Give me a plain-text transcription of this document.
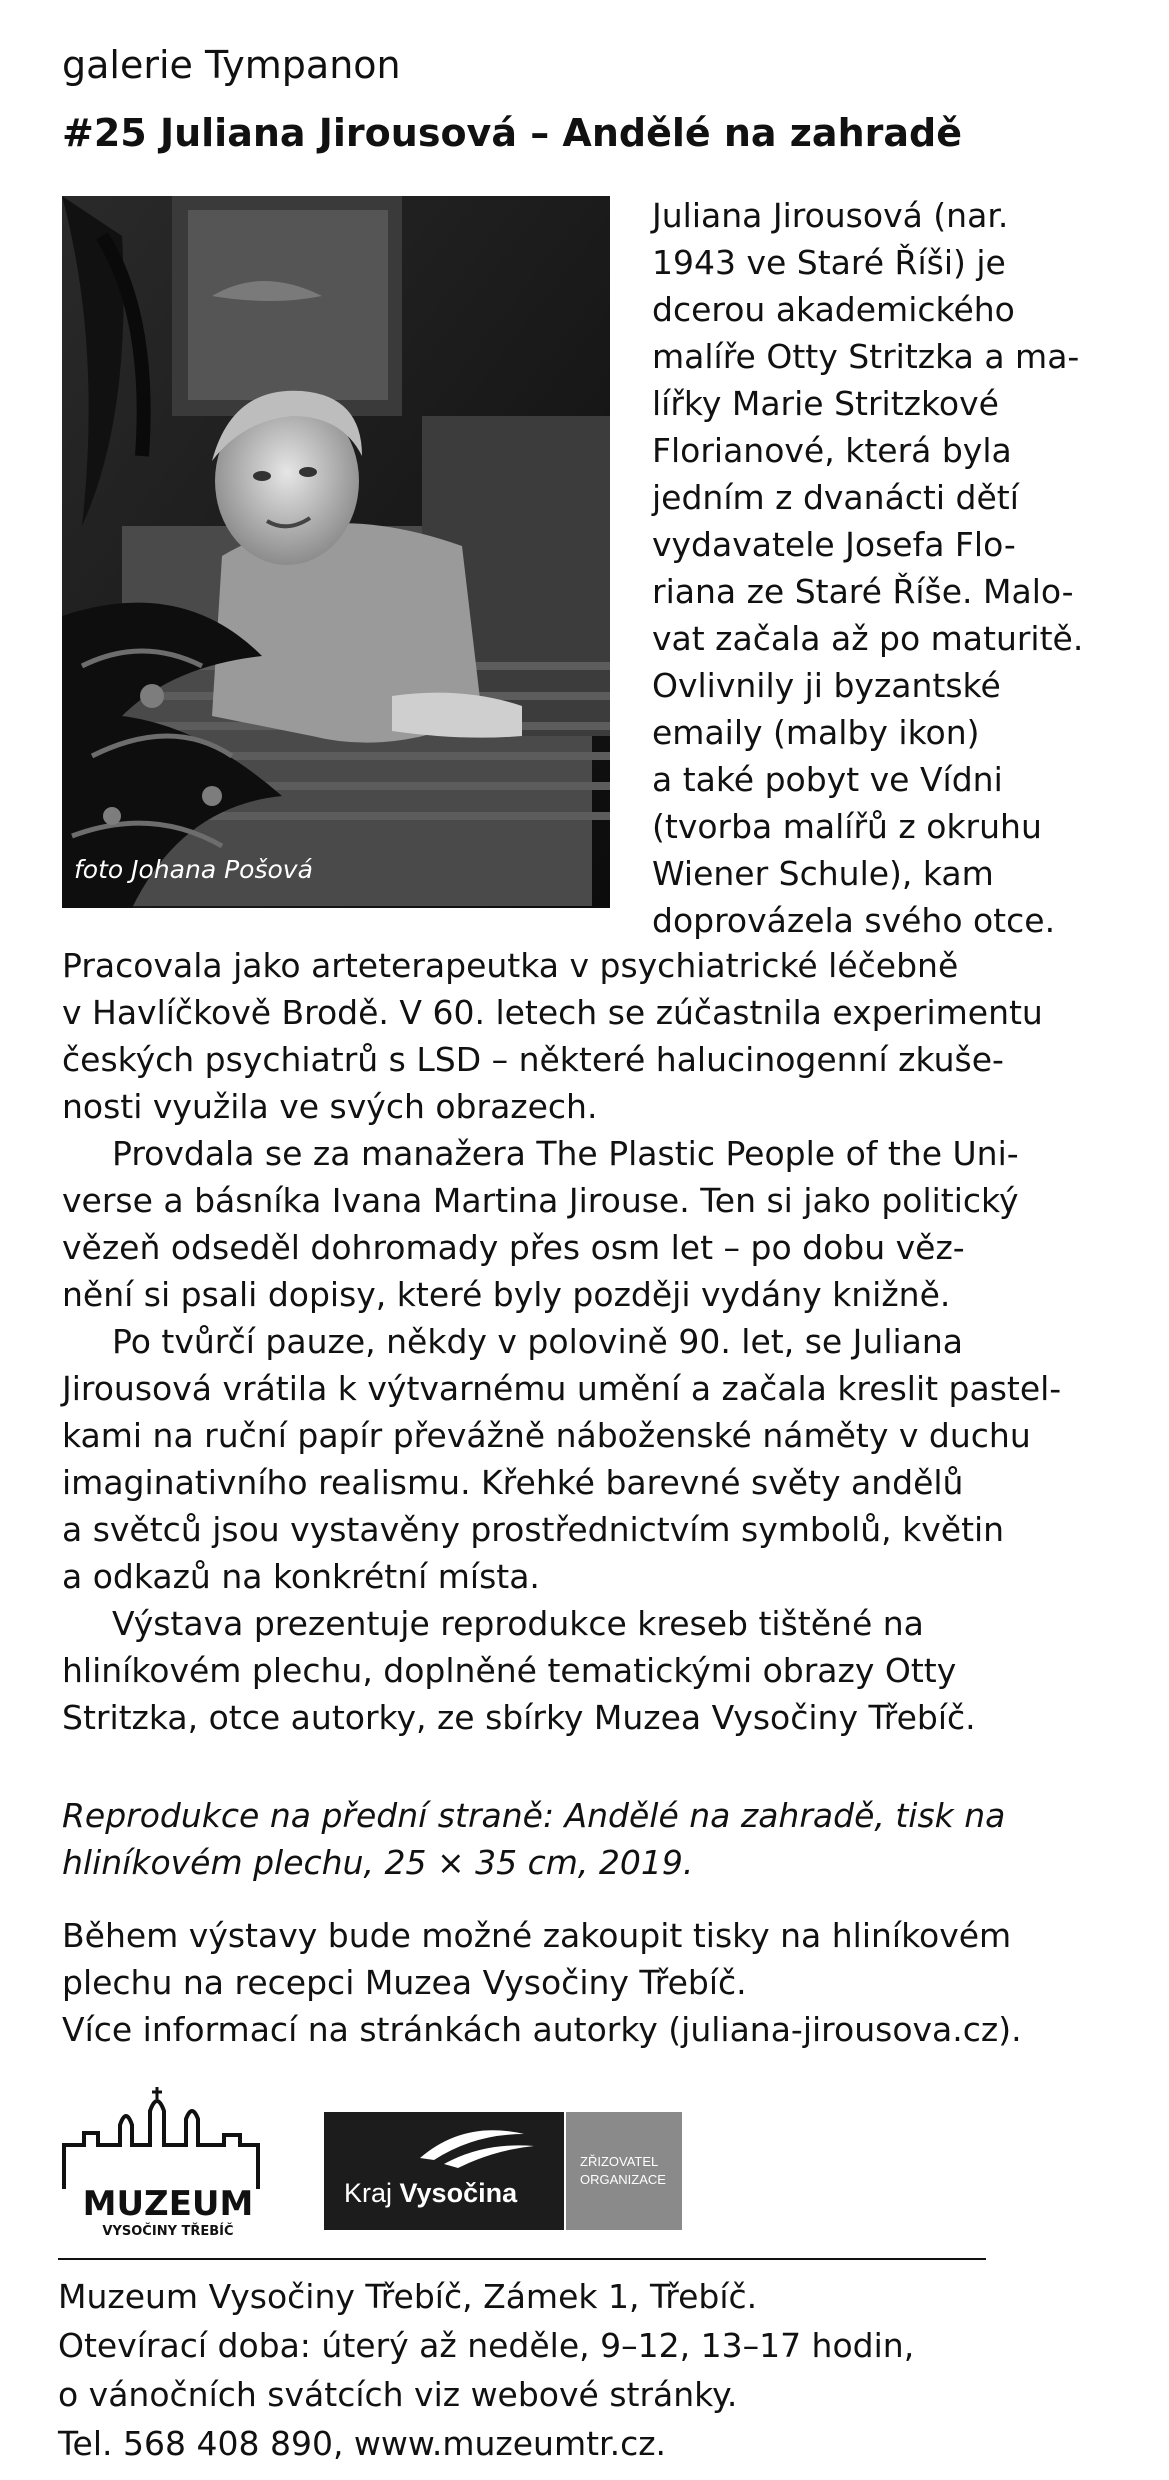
galerie Tympanon
#25 Juliana Jirousová – Andělé na zahradě
foto Johana Pošová
Juliana Jirousová (nar.
1943 ve Staré Říši) je
dcerou akademického
malíře Otty Stritzka a ma-
lířky Marie Stritzkové
Florianové, která byla
jedním z dvanácti dětí
vydavatele Josefa Flo-
riana ze Staré Říše. Malo-
vat začala až po maturitě.
Ovlivnily ji byzantské
emaily (malby ikon)
a také pobyt ve Vídni
(tvorba malířů z okruhu
Wiener Schule), kam
doprovázela svého otce.
Pracovala jako arteterapeutka v psychiatrické léčebně
v Havlíčkově Brodě. V 60. letech se zúčastnila experimentu
českých psychiatrů s LSD – některé halucinogenní zkuše-
nosti využila ve svých obrazech.
Provdala se za manažera The Plastic People of the Uni-
verse a básníka Ivana Martina Jirouse. Ten si jako politický
vězeň odseděl dohromady přes osm let – po dobu věz-
nění si psali dopisy, které byly později vydány knižně.
Po tvůrčí pauze, někdy v polovině 90. let, se Juliana
Jirousová vrátila k výtvarnému umění a začala kreslit pastel-
kami na ruční papír převážně náboženské náměty v duchu
imaginativního realismu. Křehké barevné světy andělů
a světců jsou vystavěny prostřednictvím symbolů, květin
a odkazů na konkrétní místa.
Výstava prezentuje reprodukce kreseb tištěné na
hliníkovém plechu, doplněné tematickými obrazy Otty
Stritzka, otce autorky, ze sbírky Muzea Vysočiny Třebíč.
Reprodukce na přední straně: Andělé na zahradě, tisk na
hliníkovém plechu, 25 × 35 cm, 2019.
Během výstavy bude možné zakoupit tisky na hliníkovém
plechu na recepci Muzea Vysočiny Třebíč.
Více informací na stránkách autorky (juliana-jirousova.cz).
MUZEUM
VYSOČINY TŘEBÍČ
Kraj Vysočina
ZŘIZOVATEL
ORGANIZACE
Muzeum Vysočiny Třebíč, Zámek 1, Třebíč.
Otevírací doba: úterý až neděle, 9–12, 13–17 hodin,
o vánočních svátcích viz webové stránky.
Tel. 568 408 890, www.muzeumtr.cz.
